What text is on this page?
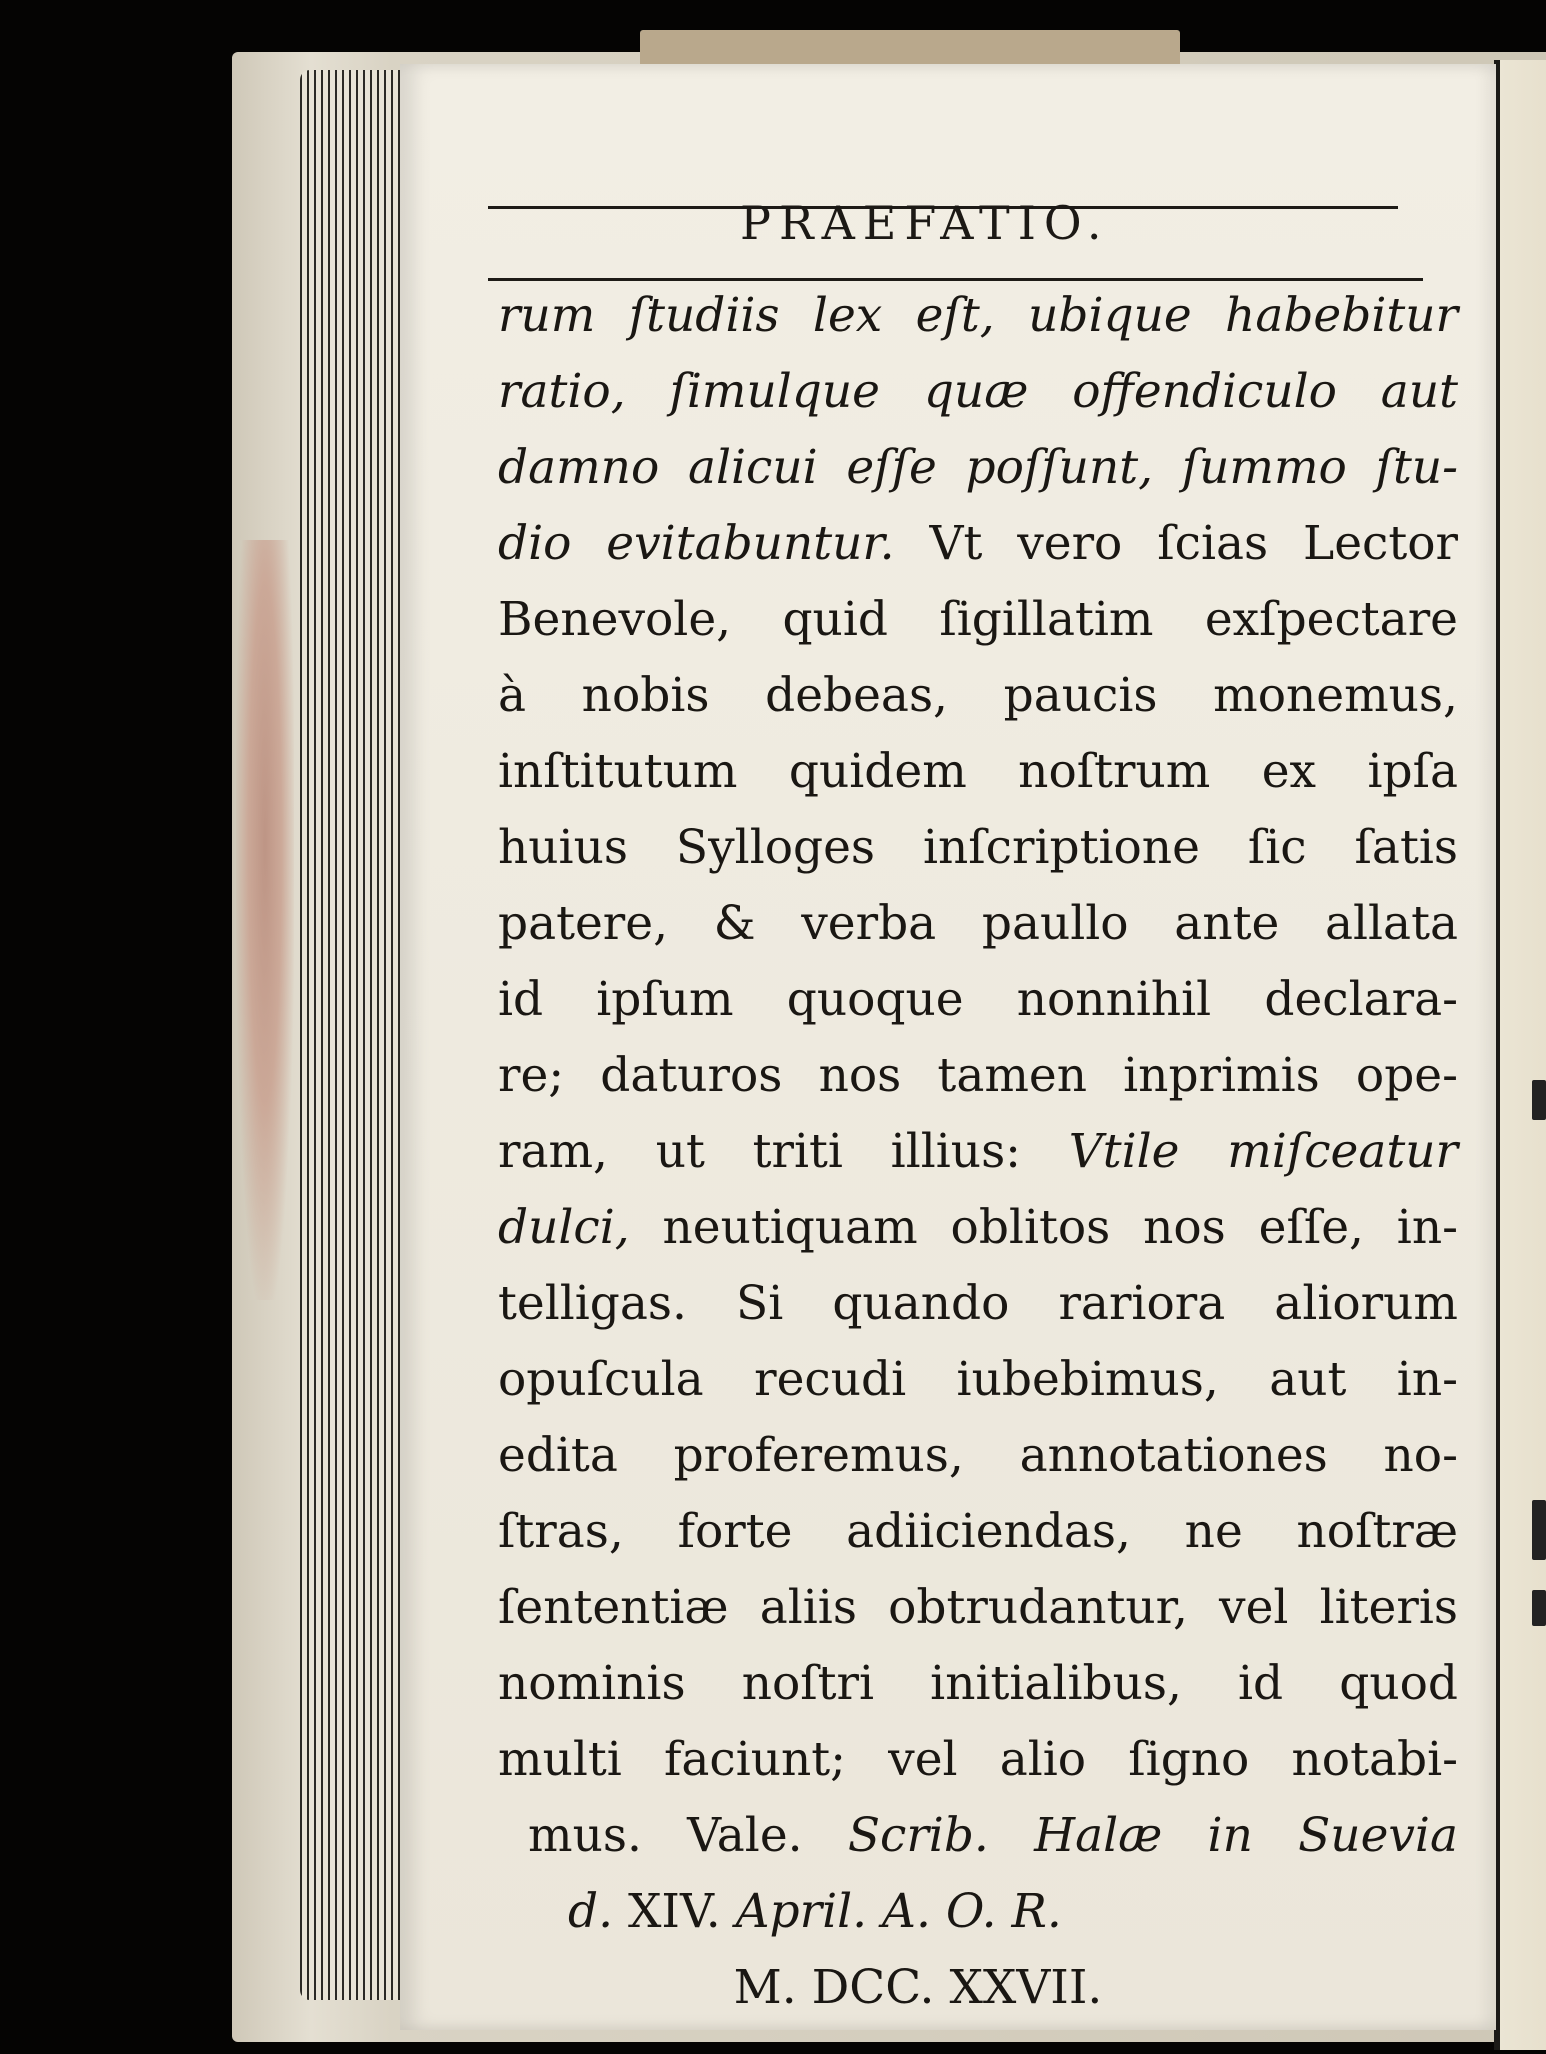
PRAEFATIO.
rum ſtudiis lex eſt, ubique habebitur
ratio, ſimulque quæ offendiculo aut
damno alicui eſſe poſſunt, ſummo ſtu-
dio evitabuntur. Vt vero ſcias Lector
Benevole, quid ſigillatim exſpectare
à nobis debeas, paucis monemus,
inſtitutum quidem noſtrum ex ipſa
huius Sylloges inſcriptione ſic ſatis
patere, & verba paullo ante allata
id ipſum quoque nonnihil declara-
re; daturos nos tamen inprimis ope-
ram, ut triti illius: Vtile miſceatur
dulci, neutiquam oblitos nos eſſe, in-
telligas. Si quando rariora aliorum
opuſcula recudi iubebimus, aut in-
edita proferemus, annotationes no-
ſtras, forte adiiciendas, ne noſtræ
ſententiæ aliis obtrudantur, vel literis
nominis noſtri initialibus, id quod
multi faciunt; vel alio ſigno notabi-
mus. Vale. Scrib. Halæ in Suevia
d. XIV. April. A. O. R.
M. DCC. XXVII.
